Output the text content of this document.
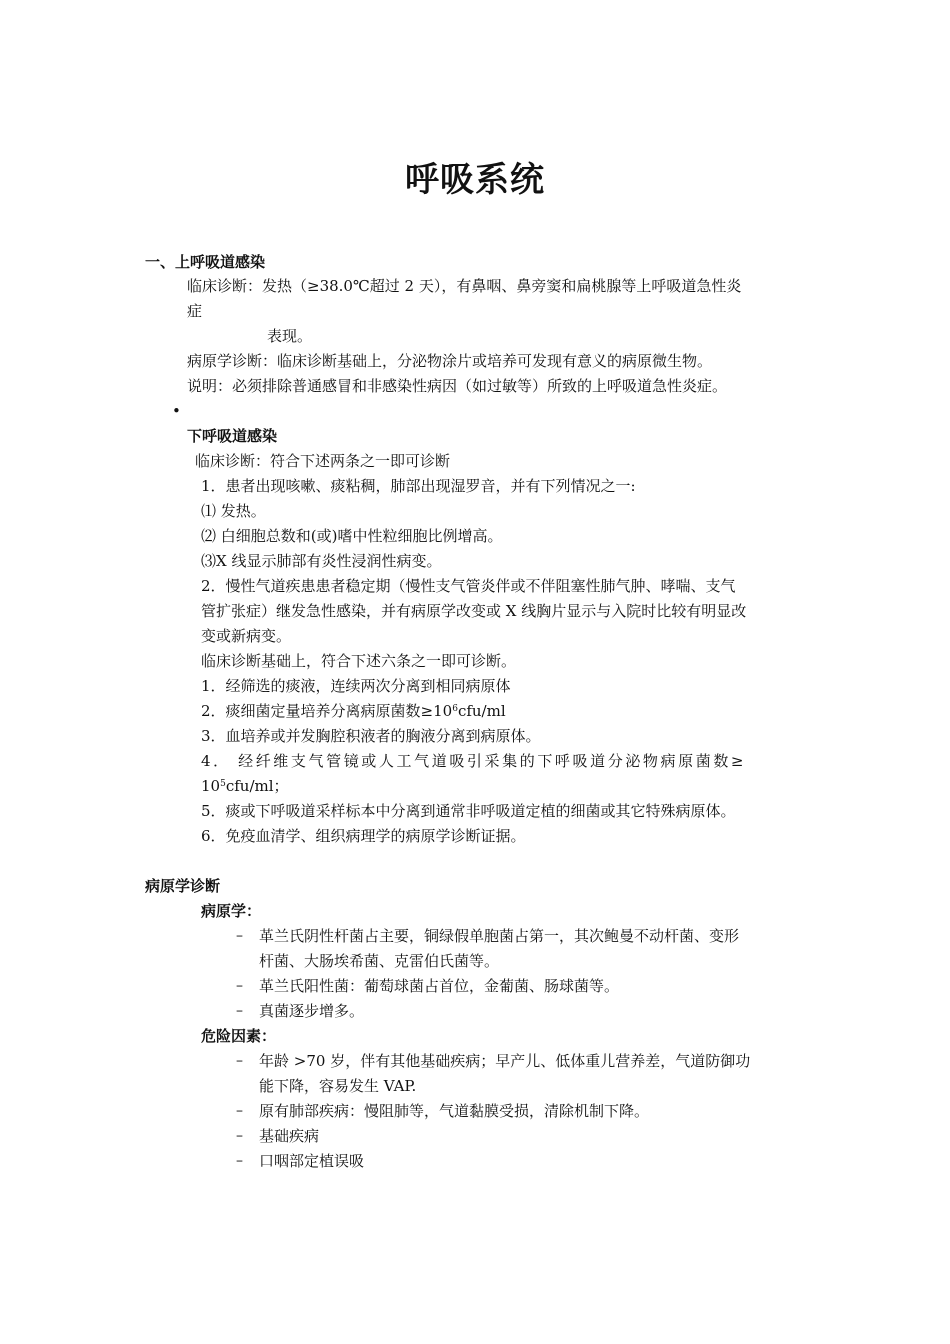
呼吸系统
一、上呼吸道感染
临床诊断：发热（≥38.0℃超过 2 天），有鼻咽、鼻旁窦和扁桃腺等上呼吸道急性炎
症
表现。
病原学诊断：临床诊断基础上，分泌物涂片或培养可发现有意义的病原微生物。
说明：必须排除普通感冒和非感染性病因（如过敏等）所致的上呼吸道急性炎症。
•
下呼吸道感染
临床诊断：符合下述两条之一即可诊断
1．患者出现咳嗽、痰粘稠，肺部出现湿罗音，并有下列情况之一:
⑴ 发热。
⑵ 白细胞总数和(或)嗜中性粒细胞比例增高。
⑶X 线显示肺部有炎性浸润性病变。
2．慢性气道疾患患者稳定期（慢性支气管炎伴或不伴阻塞性肺气肿、哮喘、支气
管扩张症）继发急性感染，并有病原学改变或 X 线胸片显示与入院时比较有明显改
变或新病变。
临床诊断基础上，符合下述六条之一即可诊断。
1．经筛选的痰液，连续两次分离到相同病原体
2．痰细菌定量培养分离病原菌数$\ge 10^6cfu/ml$
3．血培养或并发胸腔积液者的胸液分离到病原体。
4． 经纤维支气管镜或人工气道吸引采集的下呼吸道分泌物病原菌数≥
$10^5cfu/ml$；
5．痰或下呼吸道采样标本中分离到通常非呼吸道定植的细菌或其它特殊病原体。
6．免疫血清学、组织病理学的病原学诊断证据。
病原学诊断
病原学：
– 革兰氏阴性杆菌占主要，铜绿假单胞菌占第一，其次鲍曼不动杆菌、变形
杆菌、大肠埃希菌、克雷伯氏菌等。
– 革兰氏阳性菌：葡萄球菌占首位，金葡菌、肠球菌等。
– 真菌逐步增多。
危险因素：
– 年龄 >70 岁，伴有其他基础疾病；早产儿、低体重儿营养差，气道防御功
能下降，容易发生 VAP.
– 原有肺部疾病：慢阻肺等，气道黏膜受损，清除机制下降。
– 基础疾病
– 口咽部定植误吸
